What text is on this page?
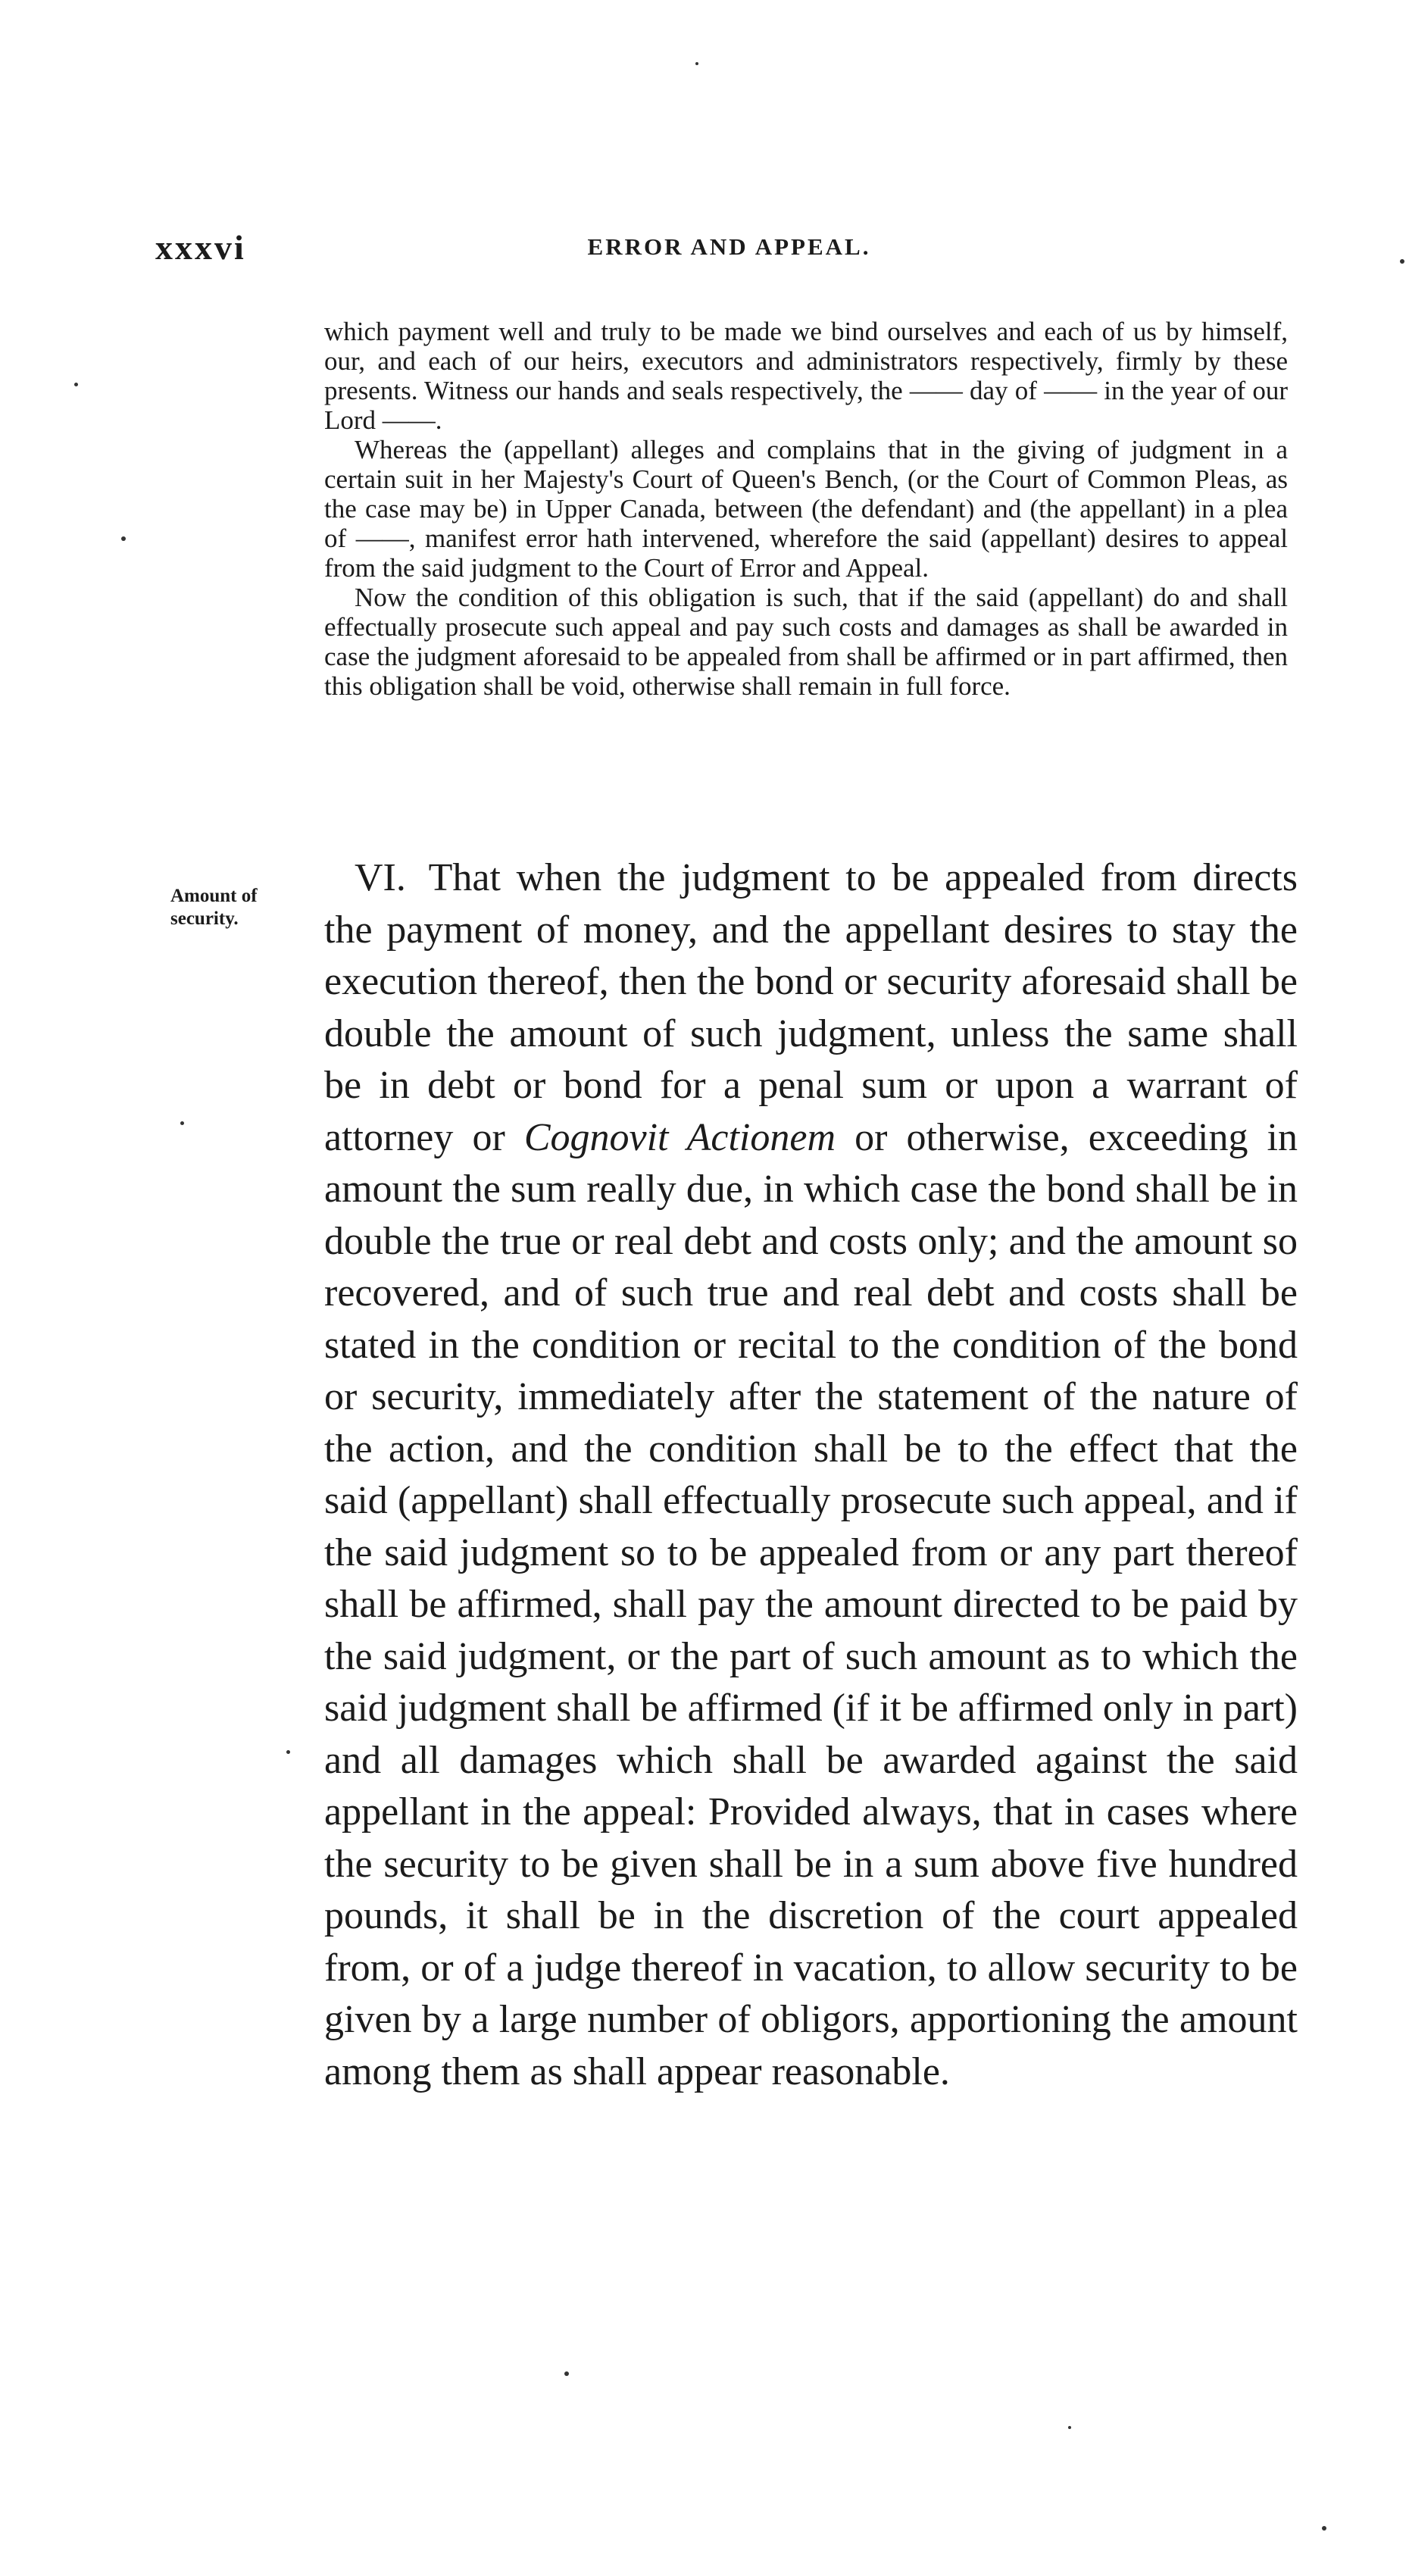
xxxvi	ERROR AND APPEAL.

which payment well and truly to be made we bind ourselves and each of us by himself, our, and each of our heirs, executors and administrators respectively, firmly by these presents. Witness our hands and seals respectively, the —— day of —— in the year of our Lord ——.

Whereas the (appellant) alleges and complains that in the giving of judgment in a certain suit in her Majesty's Court of Queen's Bench, (or the Court of Common Pleas, as the case may be) in Upper Canada, between (the defendant) and (the appellant) in a plea of ——, manifest error hath intervened, wherefore the said (appellant) desires to appeal from the said judgment to the Court of Error and Appeal.

Now the condition of this obligation is such, that if the said (appellant) do and shall effectually prosecute such appeal and pay such costs and damages as shall be awarded in case the judgment aforesaid to be appealed from shall be affirmed or in part affirmed, then this obligation shall be void, otherwise shall remain in full force.

Amount of
security.

VI. That when the judgment to be appealed from directs the payment of money, and the appellant desires to stay the execution thereof, then the bond or security aforesaid shall be double the amount of such judgment, unless the same shall be in debt or bond for a penal sum or upon a warrant of attorney or Cognovit Actionem or otherwise, exceeding in amount the sum really due, in which case the bond shall be in double the true or real debt and costs only; and the amount so recovered, and of such true and real debt and costs shall be stated in the condition or recital to the condition of the bond or security, immediately after the statement of the nature of the action, and the condition shall be to the effect that the said (appellant) shall effectually prosecute such appeal, and if the said judgment so to be appealed from or any part thereof shall be affirmed, shall pay the amount directed to be paid by the said judgment, or the part of such amount as to which the said judgment shall be affirmed (if it be affirmed only in part) and all damages which shall be awarded against the said appellant in the appeal: Provided always, that in cases where the security to be given shall be in a sum above five hundred pounds, it shall be in the discretion of the court appealed from, or of a judge thereof in vacation, to allow security to be given by a large number of obligors, apportioning the amount among them as shall appear reasonable.
